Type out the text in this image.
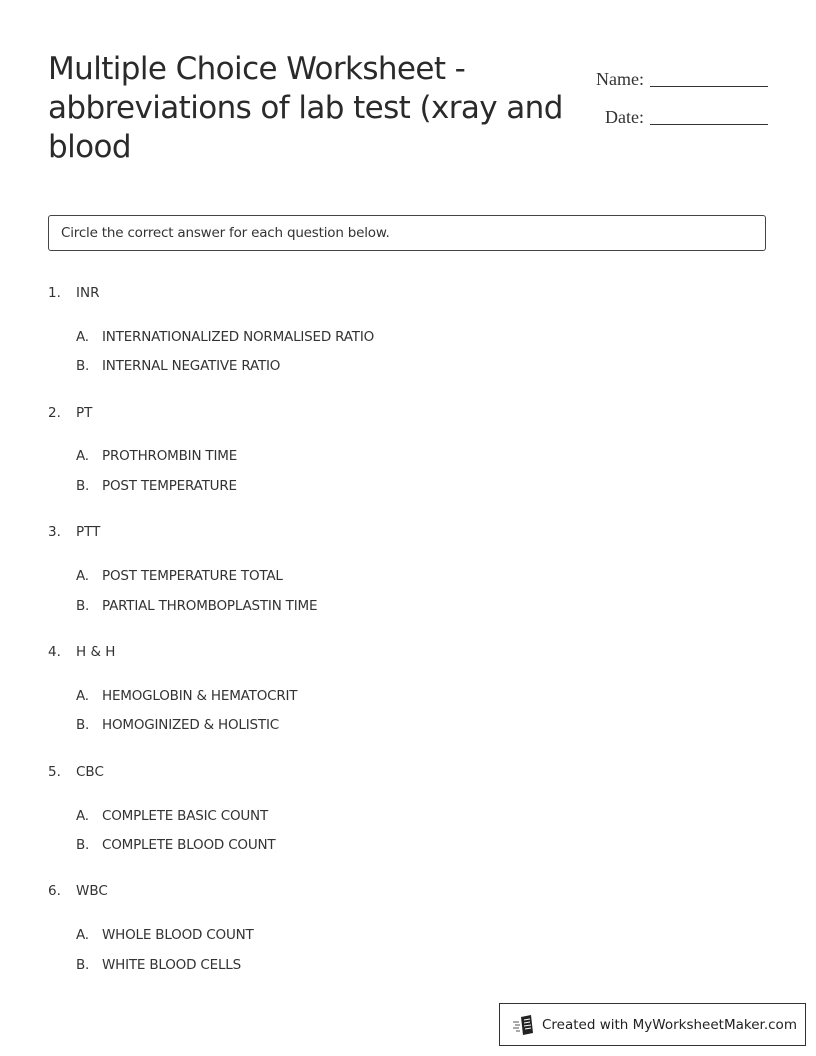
Multiple Choice Worksheet - abbreviations of lab test (xray and blood
Name:
Date:
Circle the correct answer for each question below.
1.	INR
A. INTERNATIONALIZED NORMALISED RATIO
B. INTERNAL NEGATIVE RATIO
2.	PT
A. PROTHROMBIN TIME
B. POST TEMPERATURE
3.	PTT
A. POST TEMPERATURE TOTAL
B. PARTIAL THROMBOPLASTIN TIME
4.	H & H
A. HEMOGLOBIN & HEMATOCRIT
B. HOMOGINIZED & HOLISTIC
5.	CBC
A. COMPLETE BASIC COUNT
B. COMPLETE BLOOD COUNT
6.	WBC
A. WHOLE BLOOD COUNT
B. WHITE BLOOD CELLS
Created with MyWorksheetMaker.com
